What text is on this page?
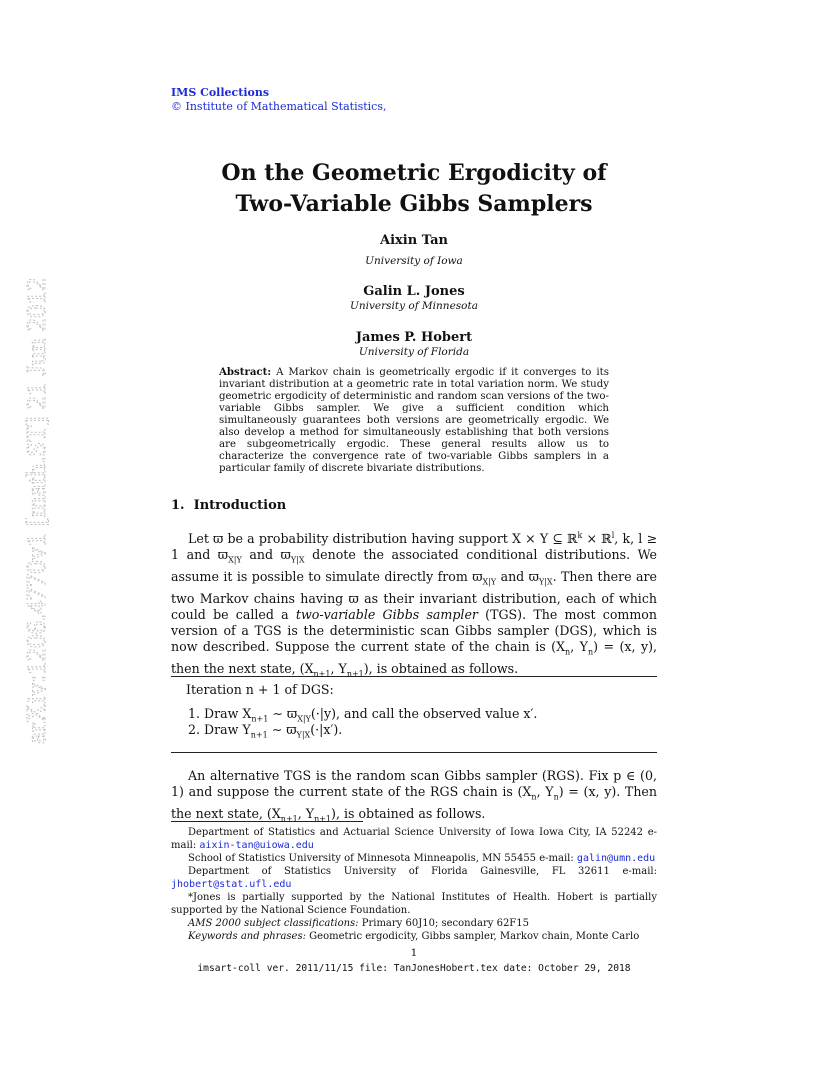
arXiv:1206.4770v1 [math.ST] 21 Jun 2012
IMS Collections
© Institute of Mathematical Statistics,
On the Geometric Ergodicity of
Two-Variable Gibbs Samplers
Aixin Tan
University of Iowa
Galin L. Jones
University of Minnesota
James P. Hobert
University of Florida
Abstract: A Markov chain is geometrically ergodic if it converges to its invariant distribution at a geometric rate in total variation norm. We study geometric ergodicity of deterministic and random scan versions of the two-variable Gibbs sampler. We give a sufficient condition which simultaneously guarantees both versions are geometrically ergodic. We also develop a method for simultaneously establishing that both versions are subgeometrically ergodic. These general results allow us to characterize the convergence rate of two-variable Gibbs samplers in a particular family of discrete bivariate distributions.
1. Introduction
Let ϖ be a probability distribution having support X × Y ⊆ ℝ$^k$ × ℝ$^l$, k, l ≥ 1 and $ϖ_{X|Y}$ and $ϖ_{Y|X}$ denote the associated conditional distributions. We assume it is possible to simulate directly from $ϖ_{X|Y}$ and $ϖ_{Y|X}$. Then there are two Markov chains having ϖ as their invariant distribution, each of which could be called a two-variable Gibbs sampler (TGS). The most common version of a TGS is the deterministic scan Gibbs sampler (DGS), which is now described. Suppose the current state of the chain is ($X_n$, $Y_n) = (x$, y), then the next state, ($X_{n+1}$, $Y_{n+1}$), is obtained as follows.
Iteration n + 1 of DGS:
1. Draw $X_{n+1}$ ∼ $ϖ_{X|Y}(\cdot|y)$, and call the observed value x′.
2. Draw $Y_{n+1}$ ∼ $ϖ_{Y|X}(\cdot|x')$.
An alternative TGS is the random scan Gibbs sampler (RGS). Fix p ∈ (0, 1) and suppose the current state of the RGS chain is ($X_n$, $Y_n) = (x$, y). Then the next state, ($X_{n+1}$, $Y_{n+1}$), is obtained as follows.

Department of Statistics and Actuarial Science University of Iowa Iowa City, IA 52242 e-mail: aixin-tan@uiowa.edu

School of Statistics University of Minnesota Minneapolis, MN 55455 e-mail: galin@umn.edu

Department of Statistics University of Florida Gainesville, FL 32611 e-mail:

jhobert@stat.ufl.edu

*Jones is partially supported by the National Institutes of Health. Hobert is partially supported by the National Science Foundation.

AMS 2000 subject classifications: Primary 60J10; secondary 62F15

Keywords and phrases: Geometric ergodicity, Gibbs sampler, Markov chain, Monte Carlo

1
imsart-coll ver. 2011/11/15 file: TanJonesHobert.tex date: October 29, 2018
